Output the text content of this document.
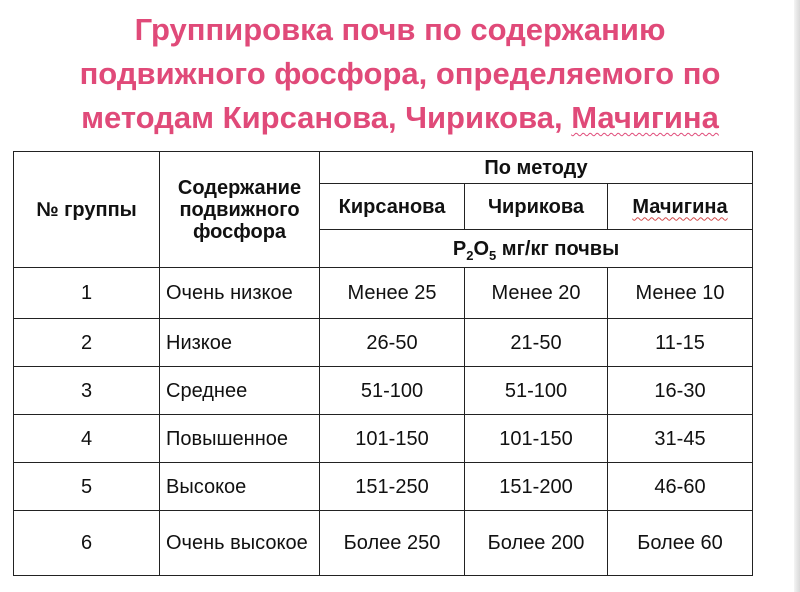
Группировка почв по содержанию
подвижного фосфора, определяемого по
методам Кирсанова, Чирикова, Мачигина
№ группы	Содержание подвижного фосфора	По методу		
		Кирсанова	Чирикова	Мачигина
		$P_2O_5$ мг/кг почвы		
1	Очень низкое	Менее 25	Менее 20	Менее 10
2	Низкое	26-50	21-50	11-15
3	Среднее	51-100	51-100	16-30
4	Повышенное	101-150	101-150	31-45
5	Высокое	151-250	151-200	46-60
6	Очень высокое	Более 250	Более 200	Более 60
